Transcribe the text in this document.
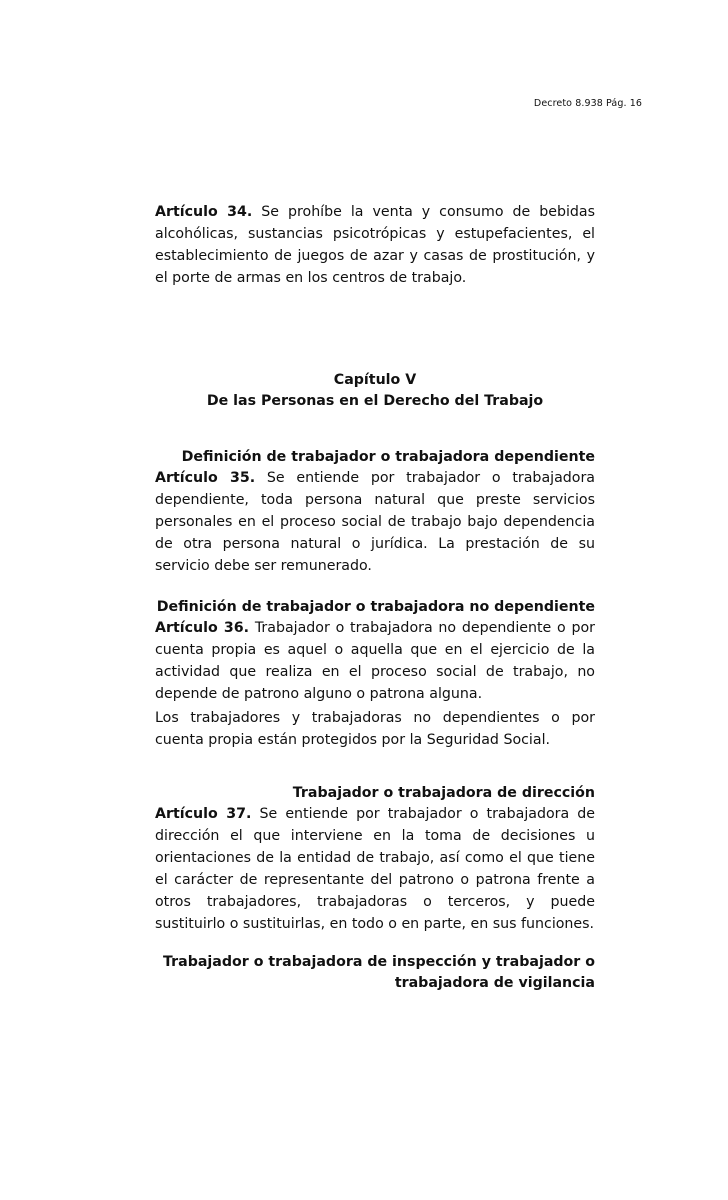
Decreto 8.938 Pág. 16

Artículo 34. Se prohíbe la venta y consumo de bebidas alcohólicas, sustancias psicotrópicas y estupefacientes, el establecimiento de juegos de azar y casas de prostitución, y el porte de armas en los centros de trabajo.

Capítulo V
De las Personas en el Derecho del Trabajo
Definición de trabajador o trabajadora dependiente

Artículo 35. Se entiende por trabajador o trabajadora dependiente, toda persona natural que preste servicios personales en el proceso social de trabajo bajo dependencia de otra persona natural o jurídica. La prestación de su servicio debe ser remunerado.

Definición de trabajador o trabajadora no dependiente

Artículo 36. Trabajador o trabajadora no dependiente o por cuenta propia es aquel o aquella que en el ejercicio de la actividad que realiza en el proceso social de trabajo, no depende de patrono alguno o patrona alguna.

Los trabajadores y trabajadoras no dependientes o por cuenta propia están protegidos por la Seguridad Social.

Trabajador o trabajadora de dirección

Artículo 37. Se entiende por trabajador o trabajadora de dirección el que interviene en la toma de decisiones u orientaciones de la entidad de trabajo, así como el que tiene el carácter de representante del patrono o patrona frente a otros trabajadores, trabajadoras o terceros, y puede sustituirlo o sustituirlas, en todo o en parte, en sus funciones.

Trabajador o trabajadora de inspección y trabajador o
trabajadora de vigilancia
